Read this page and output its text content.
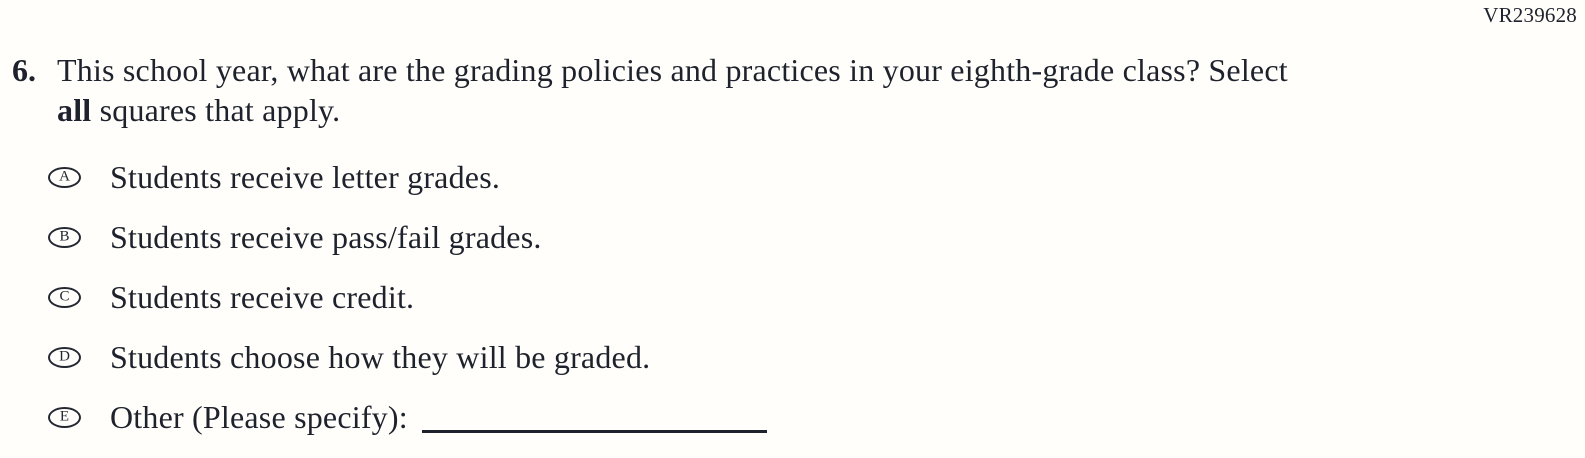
VR239628
6. This school year, what are the grading policies and practices in your eighth-grade class? Select all squares that apply.
A Students receive letter grades.
B Students receive pass/fail grades.
C Students receive credit.
D Students choose how they will be graded.
E Other (Please specify):
